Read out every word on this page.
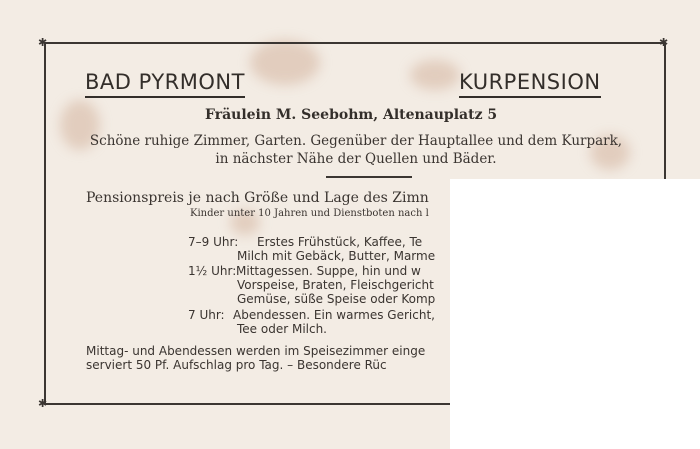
✱	✱
✱
BAD PYRMONT	KURPENSION
Fräulein M. Seebohm, Altenauplatz 5
Schöne ruhige Zimmer, Garten. Gegenüber der Hauptallee und dem Kurpark,
in nächster Nähe der Quellen und Bäder.
Pensionspreis je nach Größe und Lage des Zimn
Kinder unter 10 Jahren und Dienstboten nach l
7–9 Uhr: Erstes Frühstück, Kaffee, Te
Milch mit Gebäck, Butter, Marme
1½ Uhr: Mittagessen. Suppe, hin und w
Vorspeise, Braten, Fleischgericht
Gemüse, süße Speise oder Komp
7 Uhr: Abendessen. Ein warmes Gericht,
Tee oder Milch.
Mittag- und Abendessen werden im Speisezimmer einge
serviert 50 Pf. Aufschlag pro Tag. – Besondere Rüc
